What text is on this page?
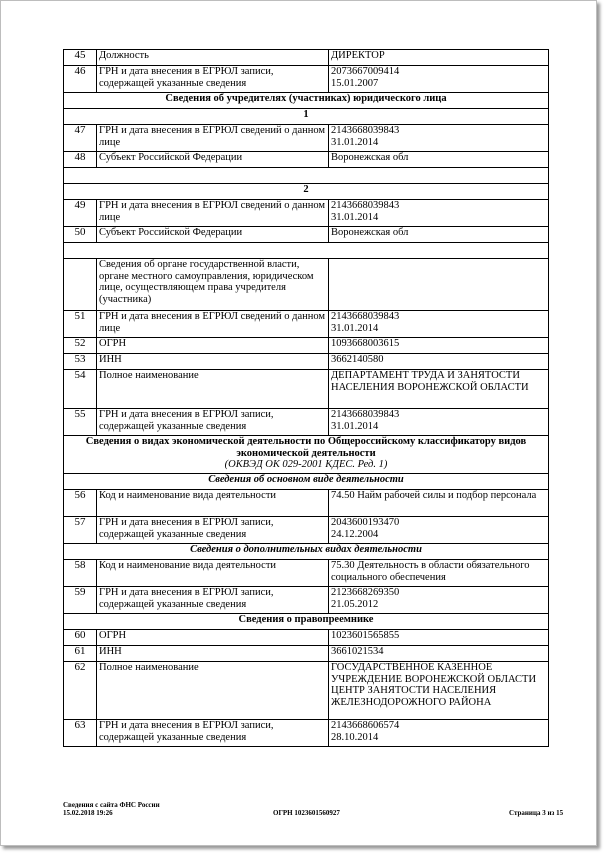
45	Должность	ДИРЕКТОР

46	ГРН и дата внесения в ЕГРЮЛ записи, содержащей указанные сведения	2073667009414
15.01.2007

Сведения об учредителях (участниках) юридического лица		
1		
47	ГРН и дата внесения в ЕГРЮЛ сведений о данном лице	2143668039843
31.01.2014

48	Субъект Российской Федерации	Воронежская обл

2		
49	ГРН и дата внесения в ЕГРЮЛ сведений о данном лице	2143668039843
31.01.2014

50	Субъект Российской Федерации	Воронежская обл

	Сведения об органе государственной власти, органе местного самоуправления, юридическом лице, осуществляющем права учредителя (участника)	
51	ГРН и дата внесения в ЕГРЮЛ сведений о данном лице	2143668039843
31.01.2014

52	ОГРН	1093668003615

53	ИНН	3662140580

54	Полное наименование	ДЕПАРТАМЕНТ ТРУДА И ЗАНЯТОСТИ НАСЕЛЕНИЯ ВОРОНЕЖСКОЙ ОБЛАСТИ

55	ГРН и дата внесения в ЕГРЮЛ записи, содержащей указанные сведения	2143668039843
31.01.2014

Сведения о видах экономической деятельности по Общероссийскому классификатору видов экономической деятельности
(ОКВЭД ОК 029-2001 КДЕС. Ред. 1)		

Сведения об основном виде деятельности		
56	Код и наименование вида деятельности	74.50 Найм рабочей силы и подбор персонала

57	ГРН и дата внесения в ЕГРЮЛ записи, содержащей указанные сведения	2043600193470
24.12.2004

Сведения о дополнительных видах деятельности		
58	Код и наименование вида деятельности	75.30 Деятельность в области обязательного социального обеспечения

59	ГРН и дата внесения в ЕГРЮЛ записи, содержащей указанные сведения	2123668269350
21.05.2012

Сведения о правопреемнике		
60	ОГРН	1023601565855

61	ИНН	3661021534

62	Полное наименование	ГОСУДАРСТВЕННОЕ КАЗЕННОЕ УЧРЕЖДЕНИЕ ВОРОНЕЖСКОЙ ОБЛАСТИ ЦЕНТР ЗАНЯТОСТИ НАСЕЛЕНИЯ ЖЕЛЕЗНОДОРОЖНОГО РАЙОНА

63	ГРН и дата внесения в ЕГРЮЛ записи, содержащей указанные сведения	2143668606574
28.10.2014
Сведения с сайта ФНС России
15.02.2018 19:26	ОГРН 1023601560927	Страница 3 из 15
